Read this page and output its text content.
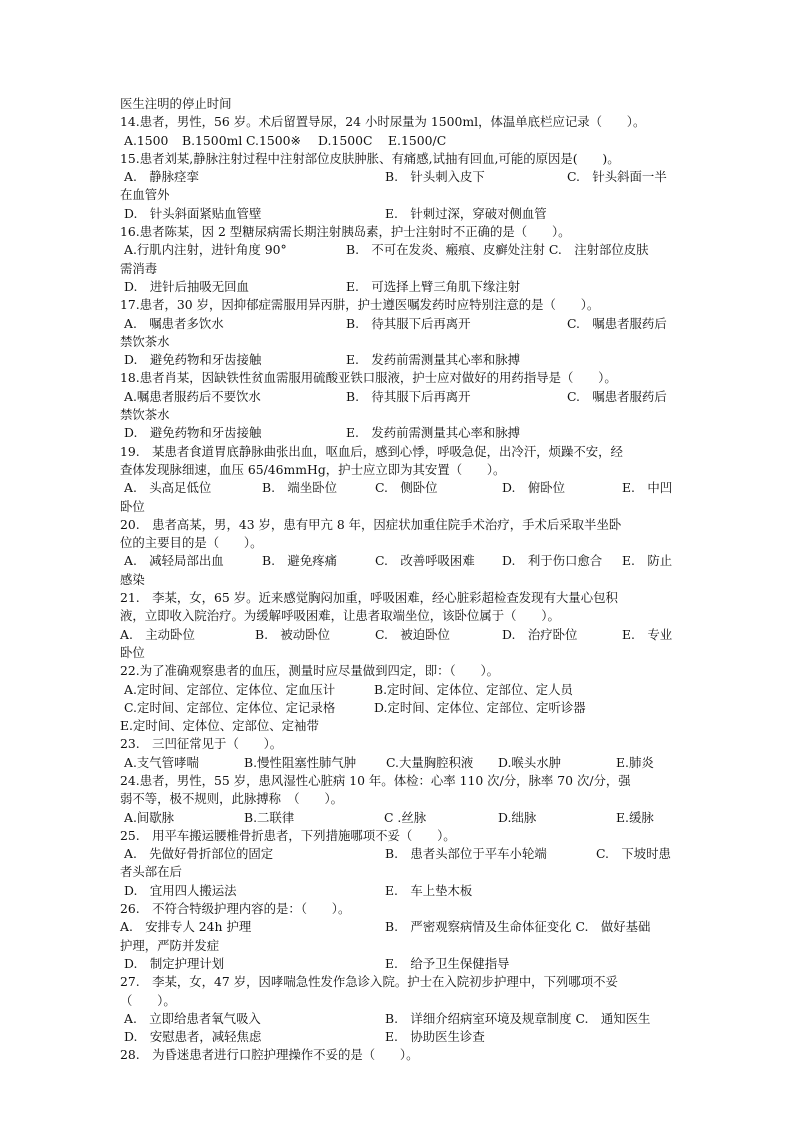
医生注明的停止时间
14.患者，男性，56 岁。术后留置导尿，24 小时尿量为 1500ml，体温单底栏应记录（　　）。
A.1500 B.1500ml C.1500※ D.1500C E.1500/C
15.患者刘某,静脉注射过程中注射部位皮肤肿胀、有痛感,试抽有回血,可能的原因是(　　)。
A.　静脉痉挛	B.　针头刺入皮下	C.　针头斜面一半
在血管外
D.　针头斜面紧贴血管壁	E.　针刺过深，穿破对侧血管
16.患者陈某，因 2 型糖尿病需长期注射胰岛素，护士注射时不正确的是（　　）。
A.行肌内注射，进针角度 90°	B.　不可在发炎、瘢痕、皮癣处注射 C.　注射部位皮肤
需消毒
D.　进针后抽吸无回血	E.　可选择上臂三角肌下缘注射
17.患者，30 岁，因抑郁症需服用异丙肼，护士遵医嘱发药时应特别注意的是（　　）。
A.　嘱患者多饮水	B.　待其服下后再离开	C.　嘱患者服药后
禁饮茶水
D.　避免药物和牙齿接触	E.　发药前需测量其心率和脉搏
18.患者肖某，因缺铁性贫血需服用硫酸亚铁口服液，护士应对做好的用药指导是（　　）。
A.嘱患者服药后不要饮水	B.　待其服下后再离开	C.　嘱患者服药后
禁饮茶水
D.　避免药物和牙齿接触	E.　发药前需测量其心率和脉搏
19.　某患者食道胃底静脉曲张出血，呕血后，感到心悸，呼吸急促，出冷汗，烦躁不安，经
查体发现脉细速，血压 65/46mmHg，护士应立即为其安置（　　）。
A.　头高足低位	B.　端坐卧位	C.　侧卧位	D.　俯卧位	E.　中凹
卧位
20.　患者高某，男，43 岁，患有甲亢 8 年，因症状加重住院手术治疗，手术后采取半坐卧
位的主要目的是（　　）。
A.　减轻局部出血	B.　避免疼痛	C.　改善呼吸困难 D.　利于伤口愈合 E.　防止
感染
21.　李某，女，65 岁。近来感觉胸闷加重，呼吸困难，经心脏彩超检查发现有大量心包积
液，立即收入院治疗。为缓解呼吸困难，让患者取端坐位，该卧位属于（　　）。
A.　主动卧位	B.　被动卧位	C.　被迫卧位	D.　治疗卧位	E.　专业
卧位
22.为了准确观察患者的血压，测量时应尽量做到四定，即：（　　）。
A.定时间、定部位、定体位、定血压计	B.定时间、定体位、定部位、定人员
C.定时间、定部位、定体位、定记录格	D.定时间、定体位、定部位、定听诊器
E.定时间、定体位、定部位、定袖带
23.　三凹征常见于（　　）。
A.支气管哮喘	B.慢性阻塞性肺气肿 C.大量胸腔积液 D.喉头水肿	E.肺炎
24.患者，男性，55 岁，患风湿性心脏病 10 年。体检：心率 110 次/分，脉率 70 次/分，强
弱不等，极不规则，此脉搏称　（　　）。
A.间歇脉	B.二联律	C .丝脉	D.绌脉	E.缓脉
25.　用平车搬运腰椎骨折患者，下列措施哪项不妥（　　）。
A.　先做好骨折部位的固定	B.　患者头部位于平车小轮端	C.　下坡时患
者头部在后
D.　宜用四人搬运法	E.　车上垫木板
26.　不符合特级护理内容的是：（　　）。
A.　安排专人 24h 护理	B.　严密观察病情及生命体征变化 C.　做好基础
护理，严防并发症
D.　制定护理计划	E.　给予卫生保健指导
27.　李某，女，47 岁，因哮喘急性发作急诊入院。护士在入院初步护理中，下列哪项不妥
（　　）。
A.　立即给患者氧气吸入	B.　详细介绍病室环境及规章制度 C.　通知医生
D.　安慰患者，减轻焦虑	E.　协助医生诊查
28.　为昏迷患者进行口腔护理操作不妥的是（　　）。
